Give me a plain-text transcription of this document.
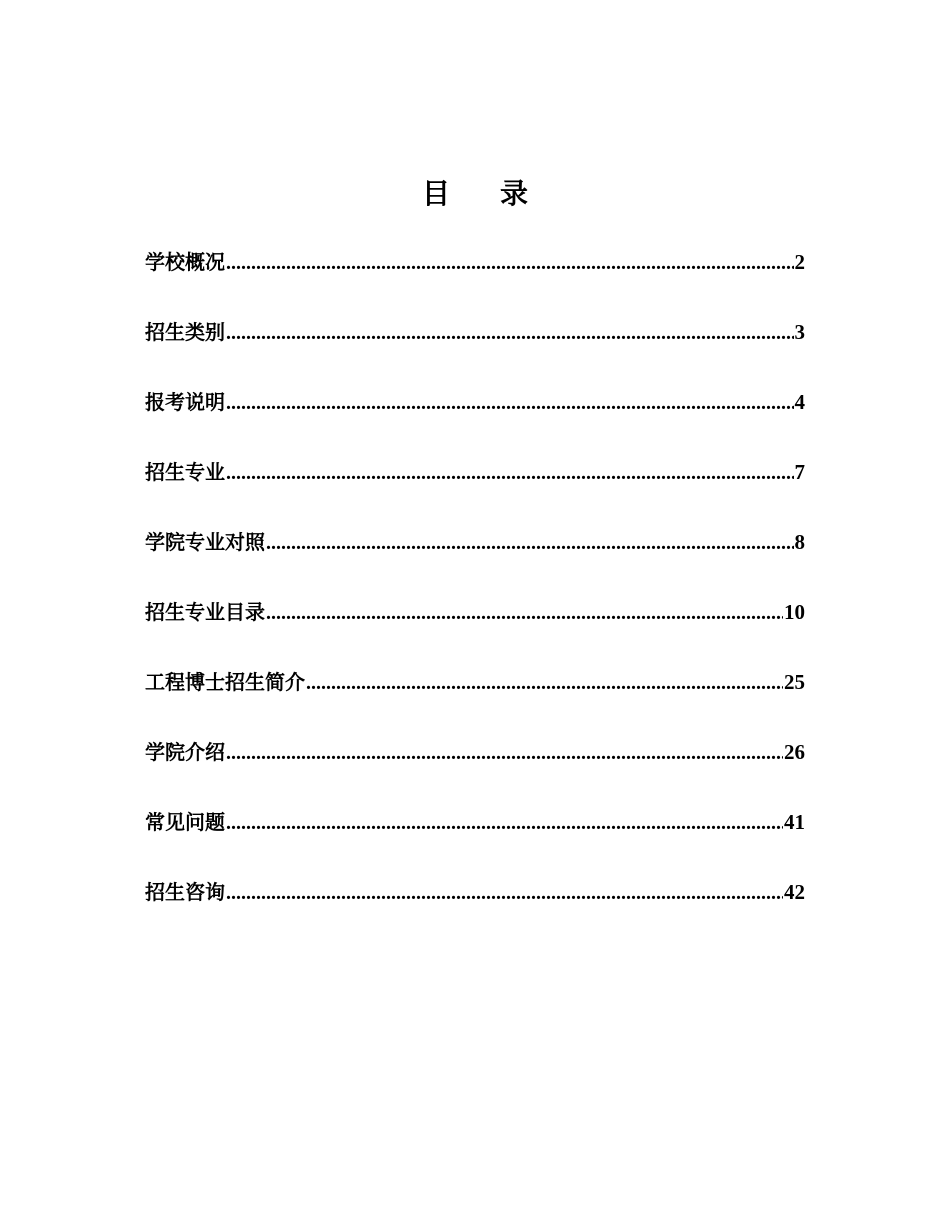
目 录
学校概况 .....	2
招生类别 .....	3
报考说明 .....	4
招生专业 .....	7
学院专业对照 .....	8
招生专业目录 .....	10
工程博士招生简介 .....	25
学院介绍 .....	26
常见问题 .....	41
招生咨询 .....	42
